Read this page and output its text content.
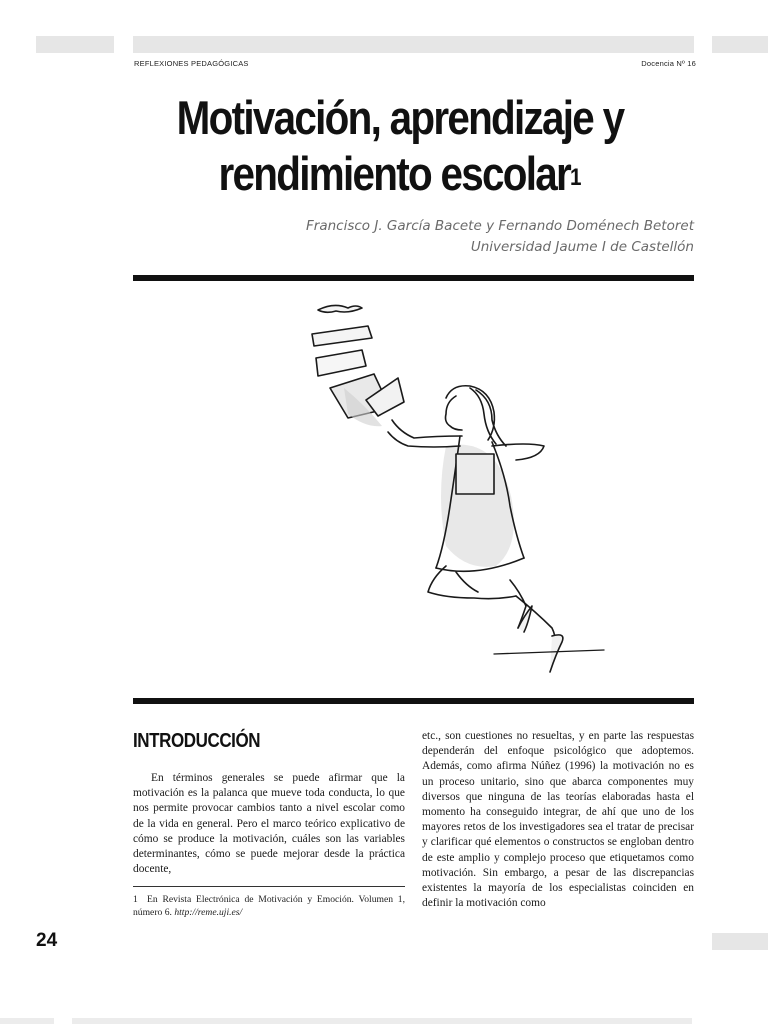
REFLEXIONES PEDAGÓGICAS	Docencia Nº 16
Motivación, aprendizaje y
rendimiento escolar$^1$
Francisco J. García Bacete y Fernando Doménech Betoret
Universidad Jaume I de Castellón
INTRODUCCIÓN

En términos generales se puede afirmar que la motivación es la palanca que mueve toda conducta, lo que nos permite provocar cambios tanto a nivel escolar como de la vida en general. Pero el marco teórico explicativo de cómo se produce la motivación, cuáles son las variables determinantes, cómo se puede mejorar desde la práctica docente,

etc., son cuestiones no resueltas, y en parte las respuestas dependerán del enfoque psicológico que adoptemos. Además, como afirma Núñez (1996) la motivación no es un proceso unitario, sino que abarca componentes muy diversos que ninguna de las teorías elaboradas hasta el momento ha conseguido integrar, de ahí que uno de los mayores retos de los investigadores sea el tratar de precisar y clarificar qué elementos o constructos se engloban dentro de este amplio y complejo proceso que etiquetamos como motivación. Sin embargo, a pesar de las discrepancias existentes la mayoría de los especialistas coinciden en definir la motivación como

1 En Revista Electrónica de Motivación y Emoción. Volumen 1, número 6. http://reme.uji.es/
24
